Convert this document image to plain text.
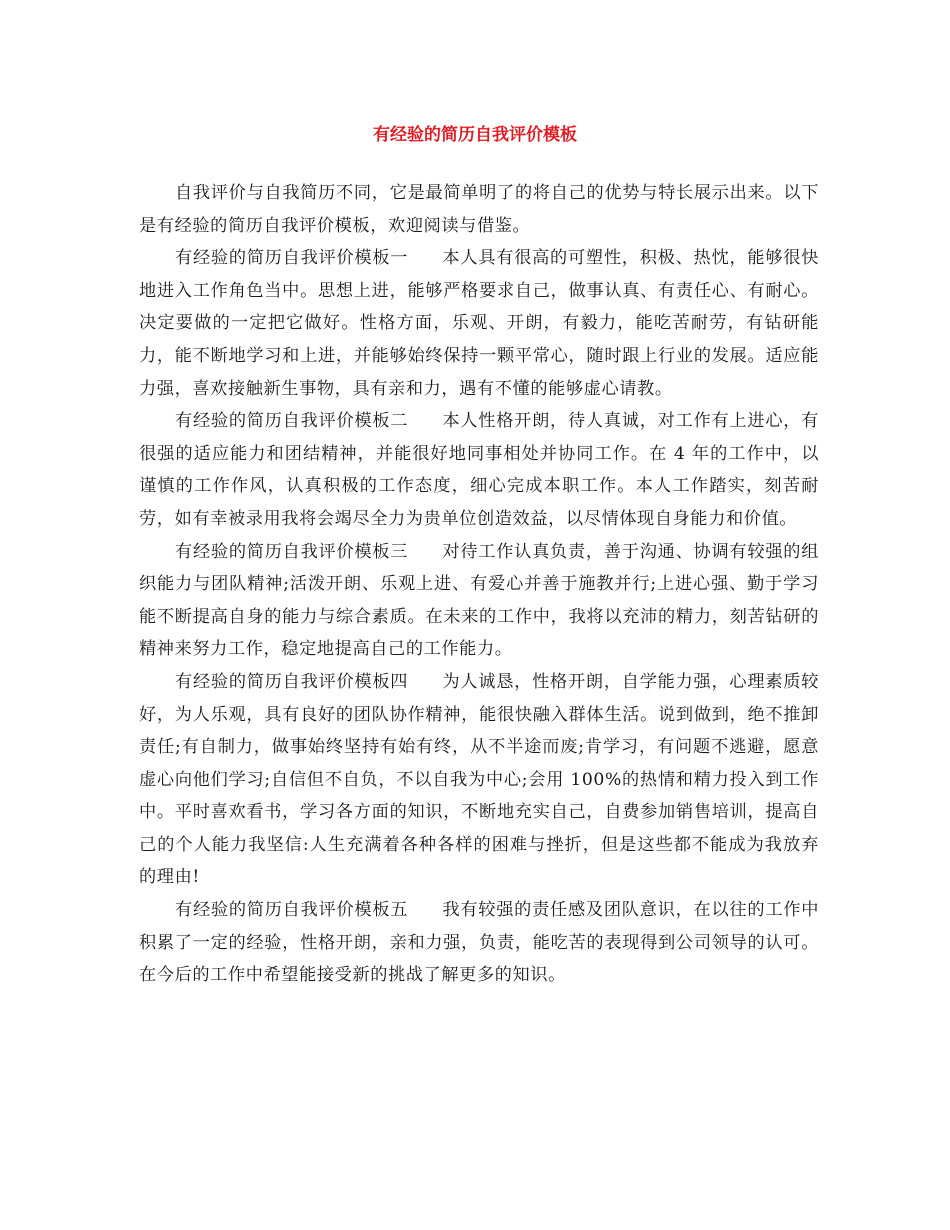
有经验的简历自我评价模板

自我评价与自我简历不同，它是最简单明了的将自己的优势与特长展示出来。以下是有经验的简历自我评价模板，欢迎阅读与借鉴。

有经验的简历自我评价模板一 本人具有很高的可塑性，积极、热忱，能够很快地进入工作角色当中。思想上进，能够严格要求自己，做事认真、有责任心、有耐心。决定要做的一定把它做好。性格方面，乐观、开朗，有毅力，能吃苦耐劳，有钻研能力，能不断地学习和上进，并能够始终保持一颗平常心，随时跟上行业的发展。适应能力强，喜欢接触新生事物，具有亲和力，遇有不懂的能够虚心请教。

有经验的简历自我评价模板二 本人性格开朗，待人真诚，对工作有上进心，有很强的适应能力和团结精神，并能很好地同事相处并协同工作。在 4 年的工作中，以谨慎的工作作风，认真积极的工作态度，细心完成本职工作。本人工作踏实，刻苦耐劳，如有幸被录用我将会竭尽全力为贵单位创造效益，以尽情体现自身能力和价值。

有经验的简历自我评价模板三 对待工作认真负责，善于沟通、协调有较强的组织能力与团队精神;活泼开朗、乐观上进、有爱心并善于施教并行;上进心强、勤于学习能不断提高自身的能力与综合素质。在未来的工作中，我将以充沛的精力，刻苦钻研的精神来努力工作，稳定地提高自己的工作能力。

有经验的简历自我评价模板四 为人诚恳，性格开朗，自学能力强，心理素质较好，为人乐观，具有良好的团队协作精神，能很快融入群体生活。说到做到，绝不推卸责任;有自制力，做事始终坚持有始有终，从不半途而废;肯学习，有问题不逃避，愿意虚心向他们学习;自信但不自负，不以自我为中心;会用 100%的热情和精力投入到工作中。平时喜欢看书，学习各方面的知识，不断地充实自己，自费参加销售培训，提高自己的个人能力我坚信:人生充满着各种各样的困难与挫折，但是这些都不能成为我放弃的理由!

有经验的简历自我评价模板五 我有较强的责任感及团队意识，在以往的工作中积累了一定的经验，性格开朗，亲和力强，负责，能吃苦的表现得到公司领导的认可。在今后的工作中希望能接受新的挑战了解更多的知识。
